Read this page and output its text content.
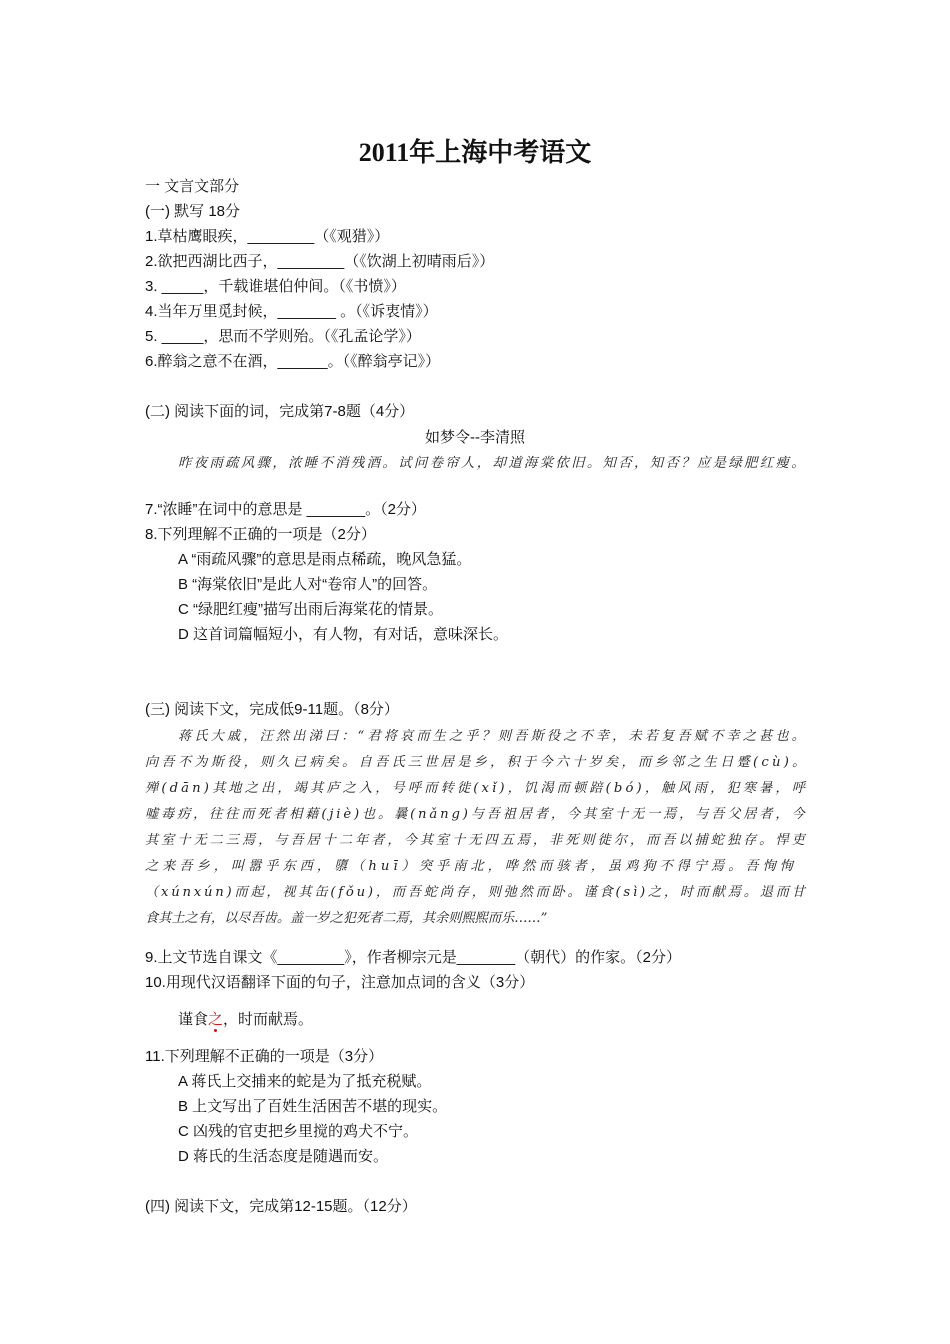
2011年上海中考语文
一 文言文部分
(一) 默写 18分
1.草枯鹰眼疾，________（《观猎》）
2.欲把西湖比西子，________（《饮湖上初晴雨后》）
3. _____，千载谁堪伯仲间。（《书愤》）
4.当年万里觅封候，_______ 。（《诉衷情》）
5. _____，思而不学则殆。（《孔孟论学》）
6.醉翁之意不在酒，______。（《醉翁亭记》）
(二) 阅读下面的词，完成第7-8题（4分）
如梦令--李清照
昨夜雨疏风骤，浓睡不消残酒。试问卷帘人，却道海棠依旧。知否，知否？应是绿肥红瘦。
7.“浓睡”在词中的意思是 _______。（2分）
8.下列理解不正确的一项是（2分）
A “雨疏风骤”的意思是雨点稀疏，晚风急猛。
B “海棠依旧”是此人对“卷帘人”的回答。
C “绿肥红瘦”描写出雨后海棠花的情景。
D 这首词篇幅短小，有人物，有对话，意味深长。
(三) 阅读下文，完成低9-11题。（8分）
蒋氏大戚，汪然出涕曰：“君将哀而生之乎？则吾斯役之不幸，未若复吾赋不幸之甚也。
向吾不为斯役，则久已病矣。自吾氏三世居是乡，积于今六十岁矣，而乡邻之生日蹙(cù)。
殚(dān)其地之出，竭其庐之入，号呼而转徙(xǐ)，饥渴而顿踣(bó)，触风雨，犯寒暑，呼
嘘毒疠，往往而死者相藉(jiè)也。曩(nǎng)与吾祖居者，今其室十无一焉，与吾父居者，今
其室十无二三焉，与吾居十二年者，今其室十无四五焉，非死则徙尔，而吾以捕蛇独存。悍吏
之来吾乡，叫嚣乎东西，隳（huī）突乎南北，哗然而骇者，虽鸡狗不得宁焉。吾恂恂
（xúnxún)而起，视其缶(fǒu)，而吾蛇尚存，则弛然而卧。谨食(sì)之，时而献焉。退而甘
食其土之有，以尽吾齿。盖一岁之犯死者二焉，其余则熙熙而乐……”
9.上文节选自课文《________》，作者柳宗元是_______（朝代）的作家。（2分）
10.用现代汉语翻译下面的句子，注意加点词的含义（3分）
谨食之，时而献焉。
11.下列理解不正确的一项是（3分）
A 蒋氏上交捕来的蛇是为了抵充税赋。
B 上文写出了百姓生活困苦不堪的现实。
C 凶残的官吏把乡里搅的鸡犬不宁。
D 蒋氏的生活态度是随遇而安。
(四) 阅读下文，完成第12-15题。（12分）
